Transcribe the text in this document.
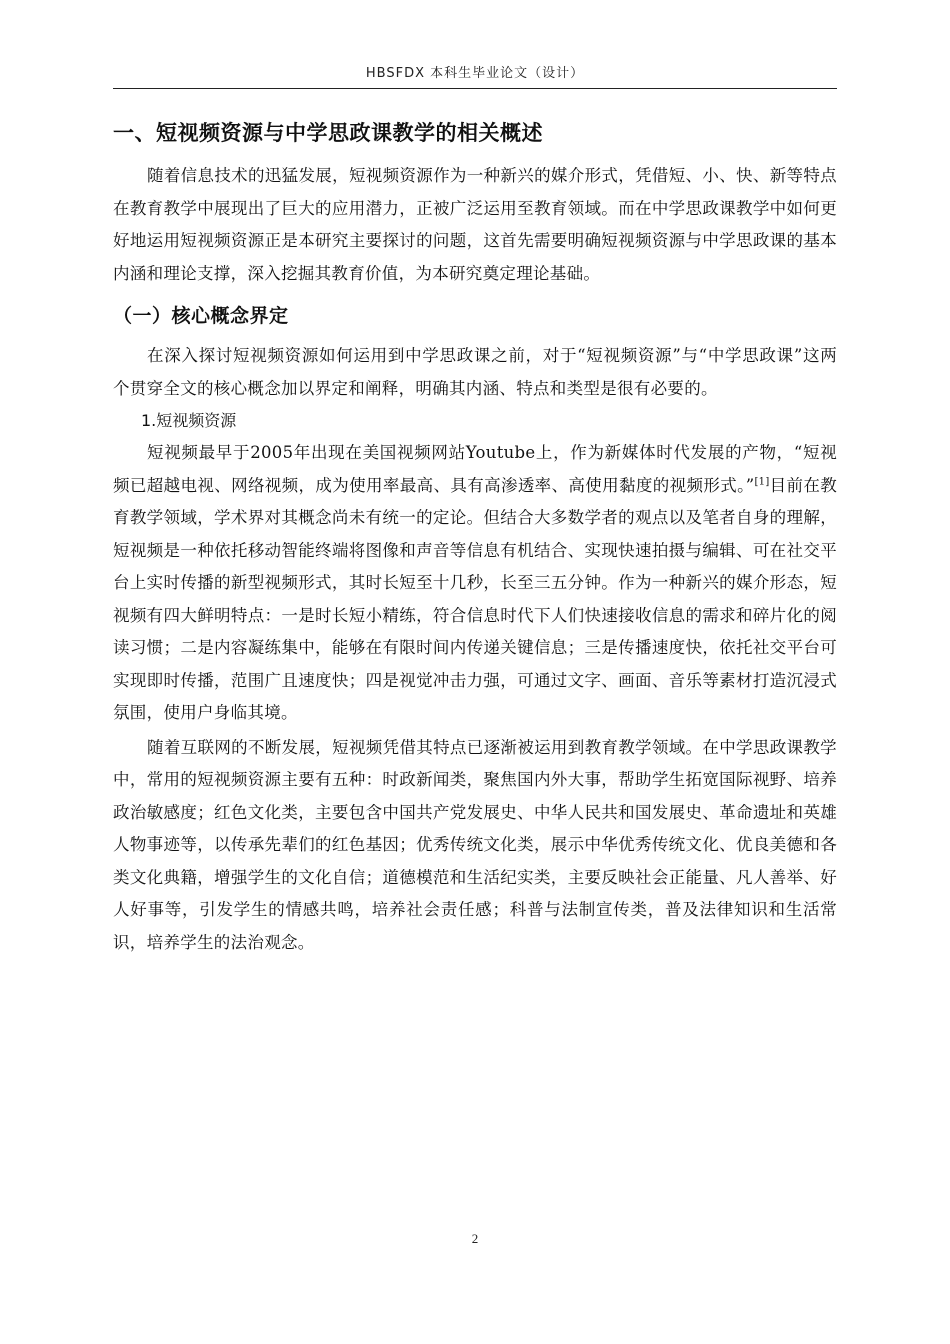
HBSFDX 本科生毕业论文（设计）
一、短视频资源与中学思政课教学的相关概述

随着信息技术的迅猛发展，短视频资源作为一种新兴的媒介形式，凭借短、小、快、新等特点在教育教学中展现出了巨大的应用潜力，正被广泛运用至教育领域。而在中学思政课教学中如何更好地运用短视频资源正是本研究主要探讨的问题，这首先需要明确短视频资源与中学思政课的基本内涵和理论支撑，深入挖掘其教育价值，为本研究奠定理论基础。

（一）核心概念界定

在深入探讨短视频资源如何运用到中学思政课之前，对于“短视频资源”与“中学思政课”这两个贯穿全文的核心概念加以界定和阐释，明确其内涵、特点和类型是很有必要的。

1.短视频资源

短视频最早于2005年出现在美国视频网站Youtube上，作为新媒体时代发展的产物，“短视频已超越电视、网络视频，成为使用率最高、具有高渗透率、高使用黏度的视频形式。”[1]目前在教育教学领域，学术界对其概念尚未有统一的定论。但结合大多数学者的观点以及笔者自身的理解，短视频是一种依托移动智能终端将图像和声音等信息有机结合、实现快速拍摄与编辑、可在社交平台上实时传播的新型视频形式，其时长短至十几秒，长至三五分钟。作为一种新兴的媒介形态，短视频有四大鲜明特点：一是时长短小精练，符合信息时代下人们快速接收信息的需求和碎片化的阅读习惯；二是内容凝练集中，能够在有限时间内传递关键信息；三是传播速度快，依托社交平台可实现即时传播，范围广且速度快；四是视觉冲击力强，可通过文字、画面、音乐等素材打造沉浸式氛围，使用户身临其境。

随着互联网的不断发展，短视频凭借其特点已逐渐被运用到教育教学领域。在中学思政课教学中，常用的短视频资源主要有五种：时政新闻类，聚焦国内外大事，帮助学生拓宽国际视野、培养政治敏感度；红色文化类，主要包含中国共产党发展史、中华人民共和国发展史、革命遗址和英雄人物事迹等，以传承先辈们的红色基因；优秀传统文化类，展示中华优秀传统文化、优良美德和各类文化典籍，增强学生的文化自信；道德模范和生活纪实类，主要反映社会正能量、凡人善举、好人好事等，引发学生的情感共鸣，培养社会责任感；科普与法制宣传类，普及法律知识和生活常识，培养学生的法治观念。

2
